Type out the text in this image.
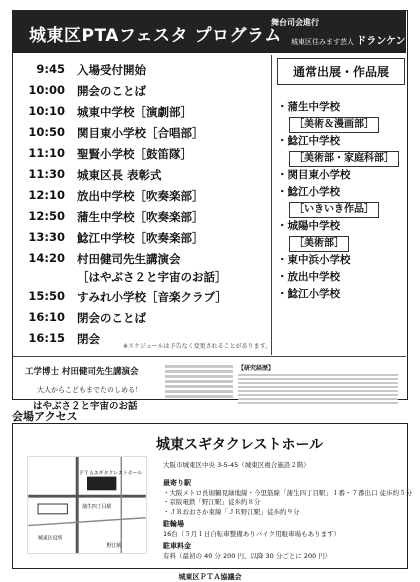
城東区PTAフェスタ プログラム
舞台司会進行
城東区住みます芸人 ドランケン
9:45 入場受付開始
10:00 開会のことば
10:10 城東中学校［演劇部］
10:50 関目東小学校［合唱部］
11:10 聖賢小学校［鼓笛隊］
11:30 城東区長 表彰式
12:10 放出中学校［吹奏楽部］
12:50 蒲生中学校［吹奏楽部］
13:30 鯰江中学校［吹奏楽部］
14:20 村田健司先生講演会
［はやぶさ２と宇宙のお話］
15:50 すみれ小学校［音楽クラブ］
16:10 閉会のことば
16:15 閉会
※スケジュールは予告なく変更されることがあります。
通常出展・作品展
・蒲生中学校
［美術＆漫画部］
・鯰江中学校
［美術部・家庭科部］
・関目東小学校
・鯰江小学校
［いきいき作品］
・城陽中学校
［美術部］
・東中浜小学校
・放出中学校
・鯰江小学校
工学博士 村田健司先生講演会
大人からこどもまでたのしめる！
はやぶさ２と宇宙のお話
【研究経歴】
会場アクセス
城東区役所
ＰＴＡスギタクレストホール
蒲生四丁目駅
野江駅
城東スギタクレストホール
大阪市城東区中央 3-5-45（城東区複合施設２階）
最寄り駅
・大阪メトロ長堀鶴見緑地線・今里筋線「蒲生四丁目駅」１番・７番出口 徒歩約５分
・京阪電鉄「野江駅」徒歩約８分
・ＪＲおおさか東線「ＪＲ野江駅」徒歩約９分
駐輪場
16台（５月１日自転車整備ありバイク用駐車場もあります）
駐車料金
有料（最初の 40 分 200 円、以降 30 分ごとに 200 円）
城東区ＰＴＡ協議会
